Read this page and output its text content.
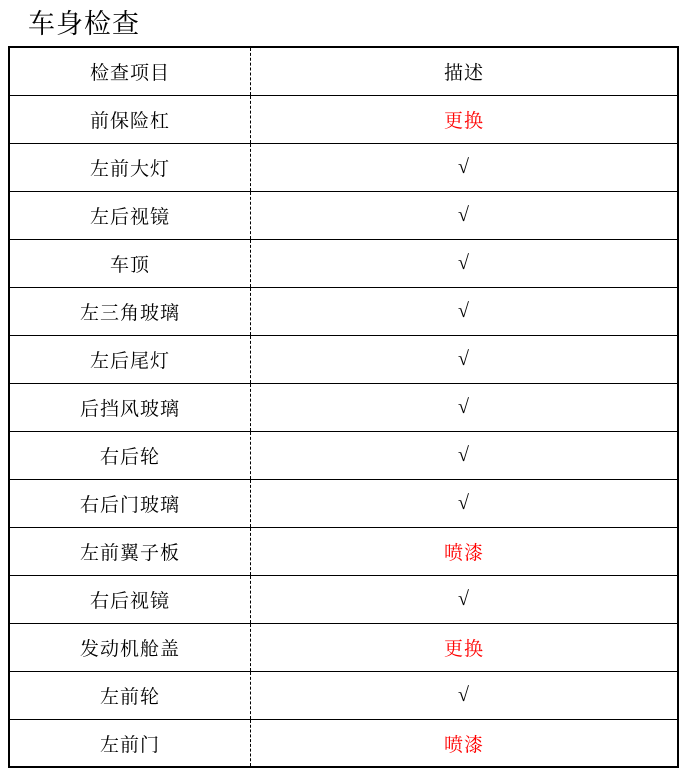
车身检查
检查项目	描述
前保险杠	更换
左前大灯	√
左后视镜	√
车顶	√
左三角玻璃	√
左后尾灯	√
后挡风玻璃	√
右后轮	√
右后门玻璃	√
左前翼子板	喷漆
右后视镜	√
发动机舱盖	更换
左前轮	√
左前门	喷漆
